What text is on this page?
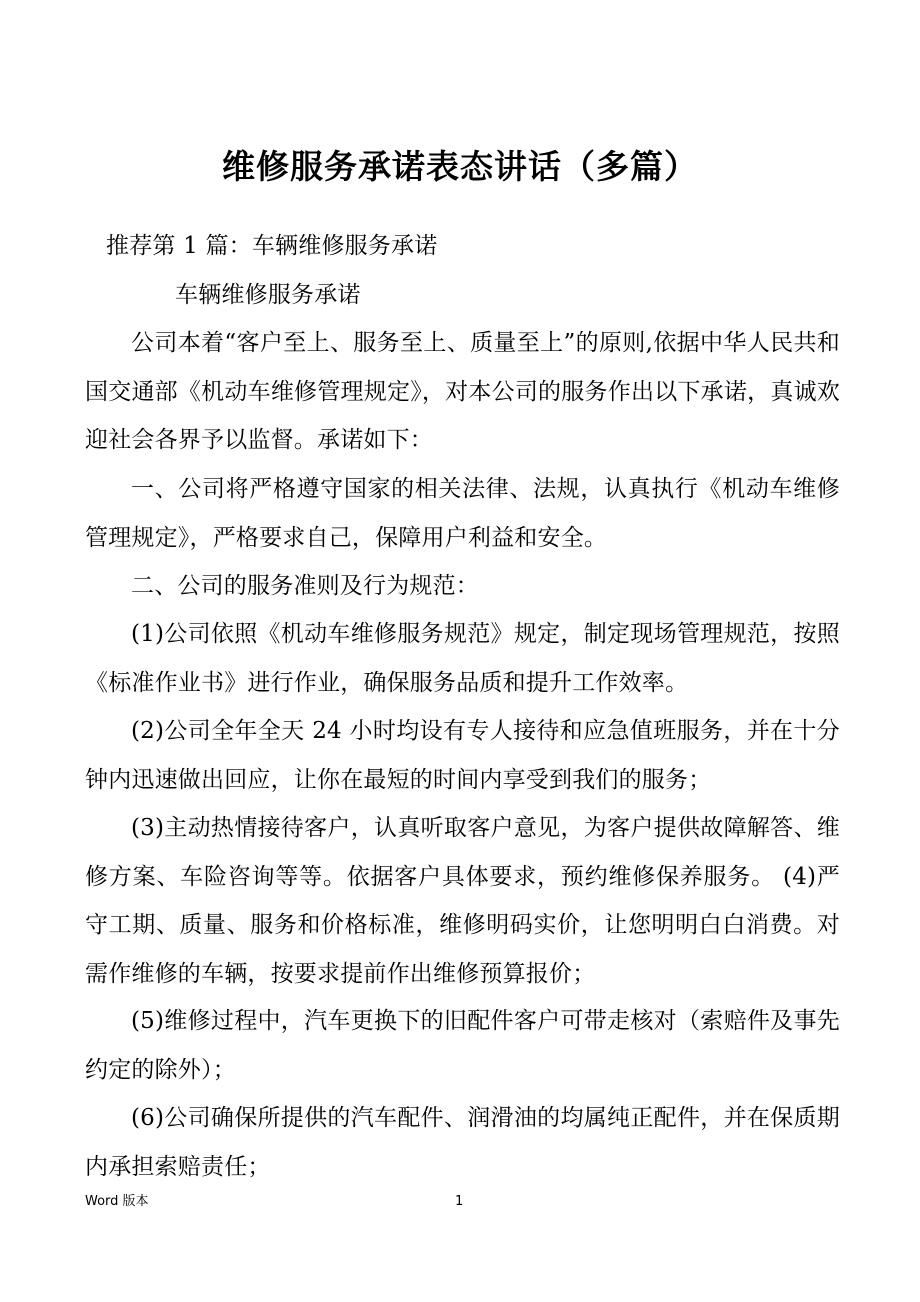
维修服务承诺表态讲话（多篇）
推荐第 1 篇：车辆维修服务承诺
车辆维修服务承诺
公司本着“客户至上、服务至上、质量至上”的原则,依据中华人民共和国交通部《机动车维修管理规定》，对本公司的服务作出以下承诺，真诚欢迎社会各界予以监督。承诺如下：
一、公司将严格遵守国家的相关法律、法规，认真执行《机动车维修管理规定》，严格要求自己，保障用户利益和安全。
二、公司的服务准则及行为规范：
(1)公司依照《机动车维修服务规范》规定，制定现场管理规范，按照《标准作业书》进行作业，确保服务品质和提升工作效率。
(2)公司全年全天 24 小时均设有专人接待和应急值班服务，并在十分钟内迅速做出回应，让你在最短的时间内享受到我们的服务；
(3)主动热情接待客户，认真听取客户意见，为客户提供故障解答、维修方案、车险咨询等等。依据客户具体要求，预约维修保养服务。 (4)严守工期、质量、服务和价格标准，维修明码实价，让您明明白白消费。对需作维修的车辆，按要求提前作出维修预算报价；
(5)维修过程中，汽车更换下的旧配件客户可带走核对（索赔件及事先约定的除外）；
(6)公司确保所提供的汽车配件、润滑油的均属纯正配件，并在保质期内承担索赔责任；
Word 版本	1
